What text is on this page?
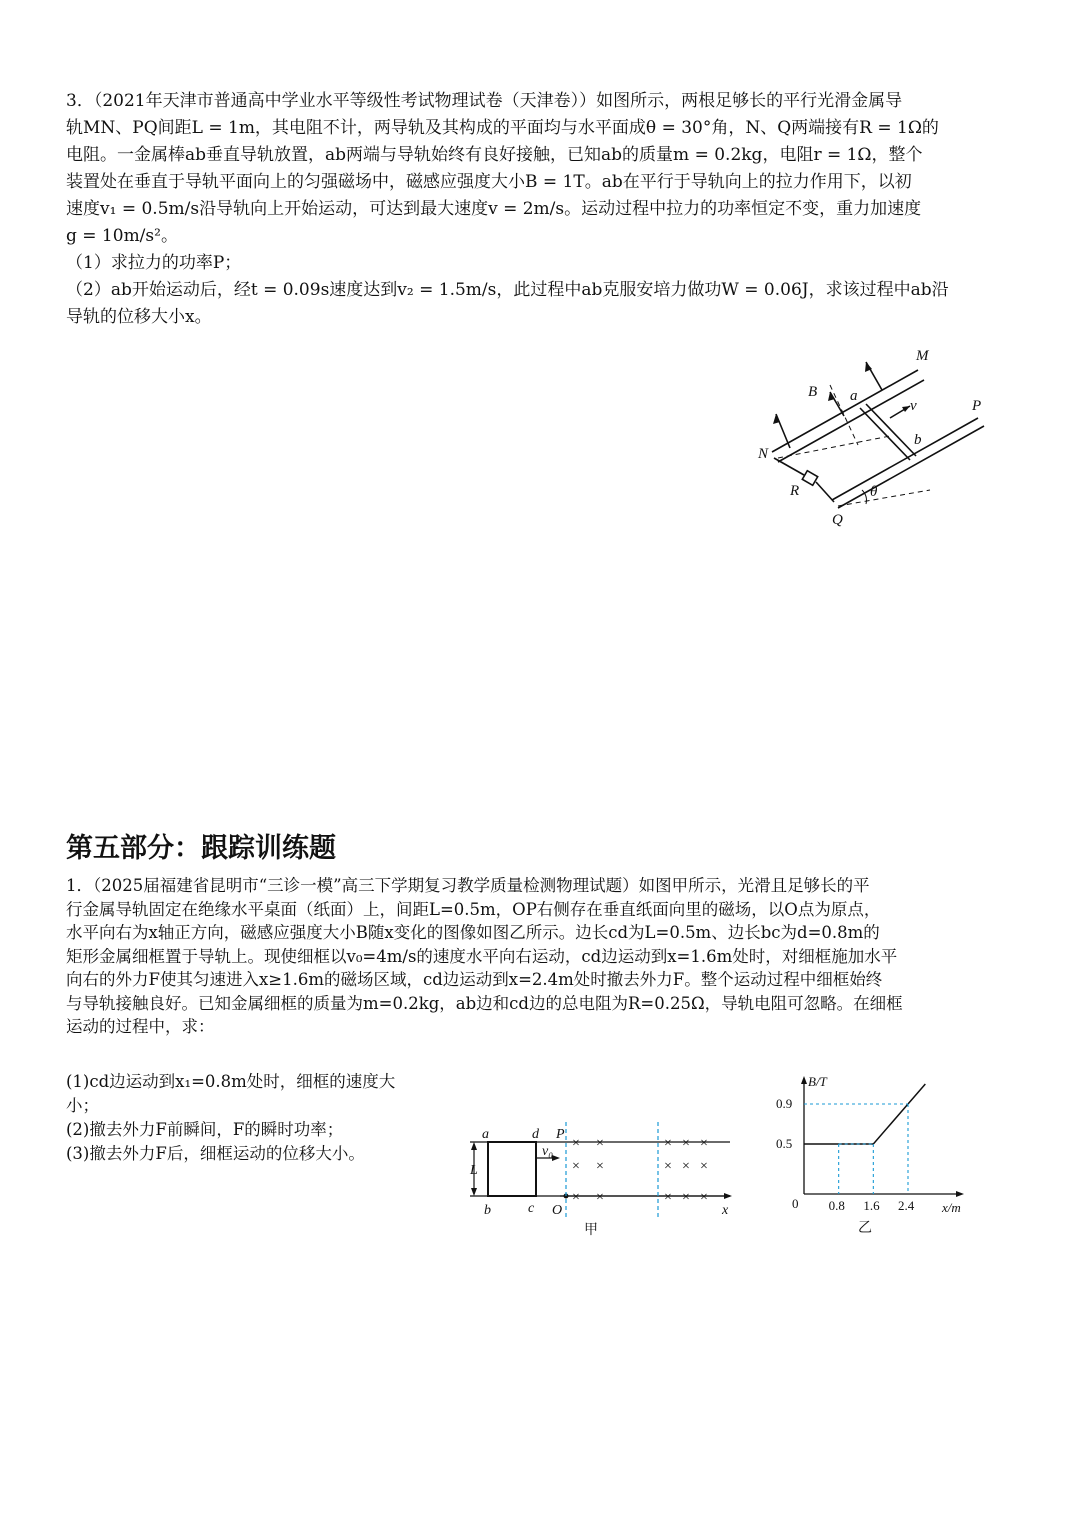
3．（2021年天津市普通高中学业水平等级性考试物理试卷（天津卷））如图所示，两根足够长的平行光滑金属导
轨MN、PQ间距L = 1m，其电阻不计，两导轨及其构成的平面均与水平面成θ = 30°角，N、Q两端接有R = 1Ω的
电阻。一金属棒ab垂直导轨放置，ab两端与导轨始终有良好接触，已知ab的质量m = 0.2kg，电阻r = 1Ω，整个
装置处在垂直于导轨平面向上的匀强磁场中，磁感应强度大小B = 1T。ab在平行于导轨向上的拉力作用下，以初
速度v₁ = 0.5m/s沿导轨向上开始运动，可达到最大速度v = 2m/s。运动过程中拉力的功率恒定不变，重力加速度
g = 10m/s²。
（1）求拉力的功率P；
（2）ab开始运动后，经t = 0.09s速度达到v₂ = 1.5m/s，此过程中ab克服安培力做功W = 0.06J，求该过程中ab沿
导轨的位移大小x。
M
P
B a
v
b
N
R
Q
θ
第五部分：跟踪训练题
1．（2025届福建省昆明市“三诊一模”高三下学期复习教学质量检测物理试题）如图甲所示，光滑且足够长的平
行金属导轨固定在绝缘水平桌面（纸面）上，间距L=0.5m，OP右侧存在垂直纸面向里的磁场，以O点为原点，
水平向右为x轴正方向，磁感应强度大小B随x变化的图像如图乙所示。边长cd为L=0.5m、边长bc为d=0.8m的
矩形金属细框置于导轨上。现使细框以v₀=4m/s的速度水平向右运动，cd边运动到x=1.6m处时，对细框施加水平
向右的外力F使其匀速进入x≥1.6m的磁场区域，cd边运动到x=2.4m处时撤去外力F。整个运动过程中细框始终
与导轨接触良好。已知金属细框的质量为m=0.2kg，ab边和cd边的总电阻为R=0.25Ω，导轨电阻可忽略。在细框
运动的过程中，求：
(1)cd边运动到x₁=0.8m处时，细框的速度大
小；
(2)撤去外力F前瞬间，F的瞬时功率；
(3)撤去外力F后，细框运动的位移大小。
a	d P
L
v₀
b	c O	x
×
×
×
×
×
×
×
×
×
×
×
×
×
×
×
甲
0.9
0.5
0.8 1.6 2.4
B/T
x/m
0
乙
